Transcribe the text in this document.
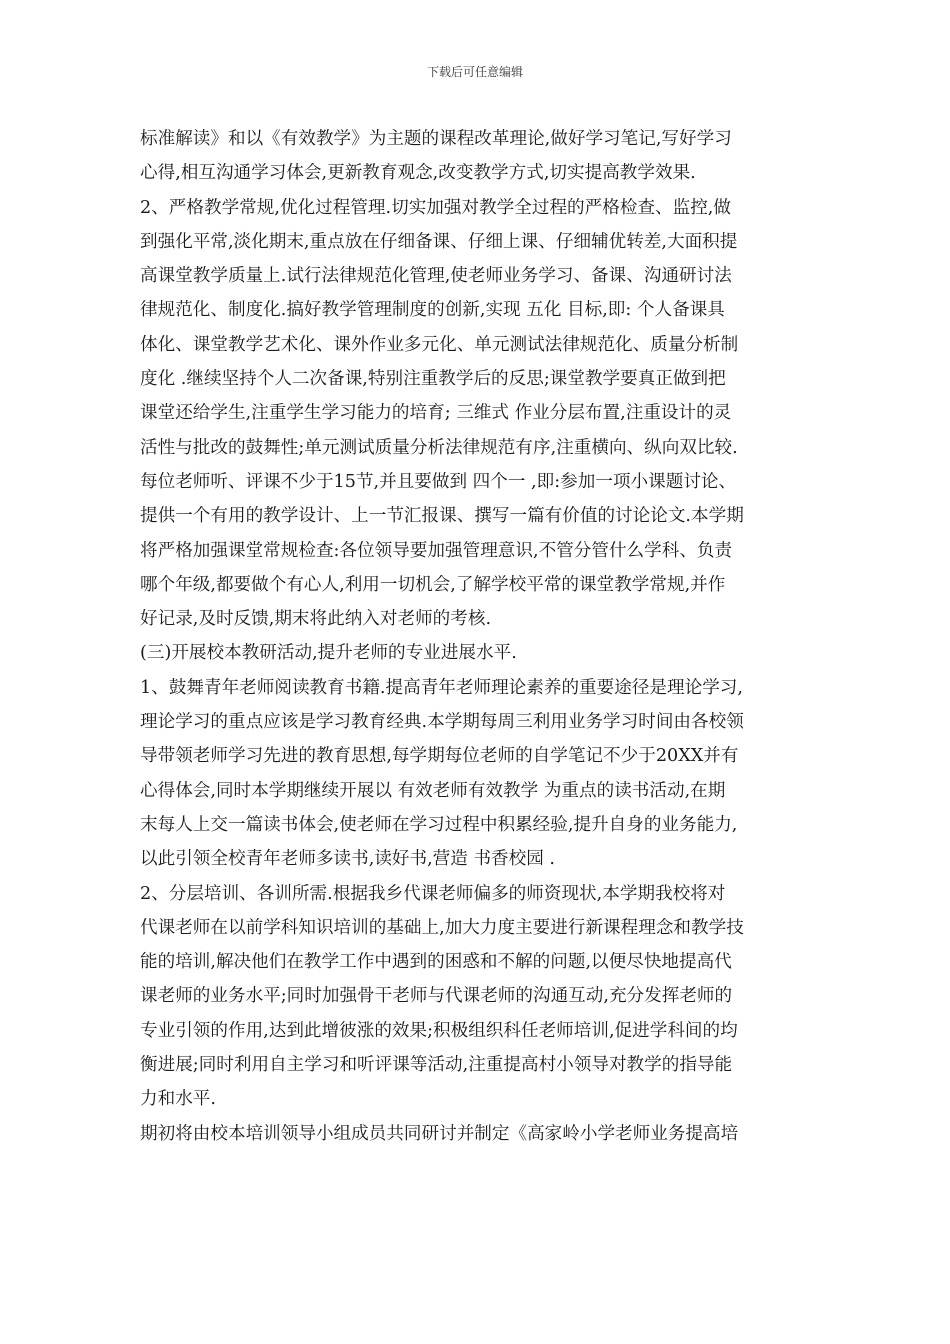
下载后可任意编辑
标准解读》和以《有效教学》为主题的课程改革理论,做好学习笔记,写好学习
心得,相互沟通学习体会,更新教育观念,改变教学方式,切实提高教学效果.
2、严格教学常规,优化过程管理.切实加强对教学全过程的严格检查、监控,做
到强化平常,淡化期末,重点放在仔细备课、仔细上课、仔细辅优转差,大面积提
高课堂教学质量上.试行法律规范化管理,使老师业务学习、备课、沟通研讨法
律规范化、制度化.搞好教学管理制度的创新,实现 五化 目标,即: 个人备课具
体化、课堂教学艺术化、课外作业多元化、单元测试法律规范化、质量分析制
度化 .继续坚持个人二次备课,特别注重教学后的反思;课堂教学要真正做到把
课堂还给学生,注重学生学习能力的培育; 三维式 作业分层布置,注重设计的灵
活性与批改的鼓舞性;单元测试质量分析法律规范有序,注重横向、纵向双比较.
每位老师听、评课不少于15节,并且要做到 四个一 ,即:参加一项小课题讨论、
提供一个有用的教学设计、上一节汇报课、撰写一篇有价值的讨论论文.本学期
将严格加强课堂常规检查:各位领导要加强管理意识,不管分管什么学科、负责
哪个年级,都要做个有心人,利用一切机会,了解学校平常的课堂教学常规,并作
好记录,及时反馈,期末将此纳入对老师的考核.
(三)开展校本教研活动,提升老师的专业进展水平.
1、鼓舞青年老师阅读教育书籍.提高青年老师理论素养的重要途径是理论学习,
理论学习的重点应该是学习教育经典.本学期每周三利用业务学习时间由各校领
导带领老师学习先进的教育思想,每学期每位老师的自学笔记不少于20XX并有
心得体会,同时本学期继续开展以 有效老师有效教学 为重点的读书活动,在期
末每人上交一篇读书体会,使老师在学习过程中积累经验,提升自身的业务能力,
以此引领全校青年老师多读书,读好书,营造 书香校园 .
2、分层培训、各训所需.根据我乡代课老师偏多的师资现状,本学期我校将对
代课老师在以前学科知识培训的基础上,加大力度主要进行新课程理念和教学技
能的培训,解决他们在教学工作中遇到的困惑和不解的问题,以便尽快地提高代
课老师的业务水平;同时加强骨干老师与代课老师的沟通互动,充分发挥老师的
专业引领的作用,达到此增彼涨的效果;积极组织科任老师培训,促进学科间的均
衡进展;同时利用自主学习和听评课等活动,注重提高村小领导对教学的指导能
力和水平.
期初将由校本培训领导小组成员共同研讨并制定《高家岭小学老师业务提高培
